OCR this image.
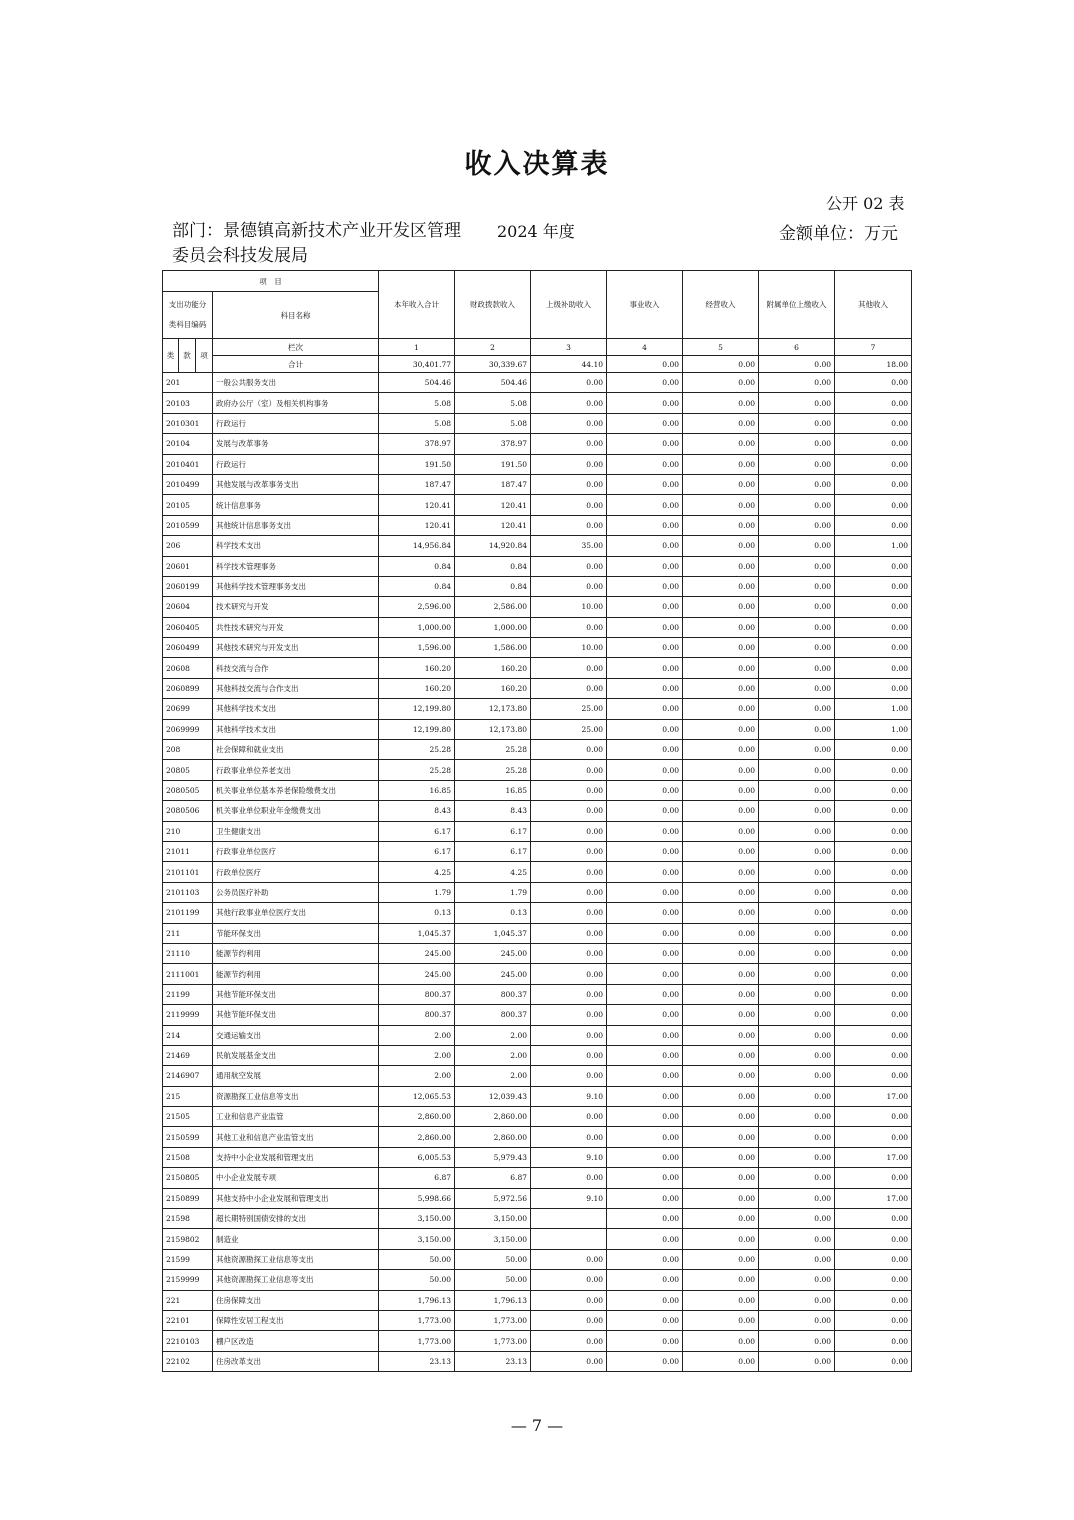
收入决算表
公开 02 表
部门：景德镇高新技术产业开发区管理委员会科技发展局
2024 年度	金额单位：万元
项　目				本年收入合计	财政拨款收入	上级补助收入	事业收入	经营收入	附属单位上缴收入	其他收入

支出功能分
类科目编码			科目名称							
类	款	项	栏次	1	2	3	4	5	6	7
			合计	30,401.77	30,339.67	44.10	0.00	0.00	0.00	18.00
201			一般公共服务支出	504.46	504.46	0.00	0.00	0.00	0.00	0.00
20103			政府办公厅（室）及相关机构事务	5.08	5.08	0.00	0.00	0.00	0.00	0.00
2010301			行政运行	5.08	5.08	0.00	0.00	0.00	0.00	0.00
20104			发展与改革事务	378.97	378.97	0.00	0.00	0.00	0.00	0.00
2010401			行政运行	191.50	191.50	0.00	0.00	0.00	0.00	0.00
2010499			其他发展与改革事务支出	187.47	187.47	0.00	0.00	0.00	0.00	0.00
20105			统计信息事务	120.41	120.41	0.00	0.00	0.00	0.00	0.00
2010599			其他统计信息事务支出	120.41	120.41	0.00	0.00	0.00	0.00	0.00
206			科学技术支出	14,956.84	14,920.84	35.00	0.00	0.00	0.00	1.00
20601			科学技术管理事务	0.84	0.84	0.00	0.00	0.00	0.00	0.00
2060199			其他科学技术管理事务支出	0.84	0.84	0.00	0.00	0.00	0.00	0.00
20604			技术研究与开发	2,596.00	2,586.00	10.00	0.00	0.00	0.00	0.00
2060405			共性技术研究与开发	1,000.00	1,000.00	0.00	0.00	0.00	0.00	0.00
2060499			其他技术研究与开发支出	1,596.00	1,586.00	10.00	0.00	0.00	0.00	0.00
20608			科技交流与合作	160.20	160.20	0.00	0.00	0.00	0.00	0.00
2060899			其他科技交流与合作支出	160.20	160.20	0.00	0.00	0.00	0.00	0.00
20699			其他科学技术支出	12,199.80	12,173.80	25.00	0.00	0.00	0.00	1.00
2069999			其他科学技术支出	12,199.80	12,173.80	25.00	0.00	0.00	0.00	1.00
208			社会保障和就业支出	25.28	25.28	0.00	0.00	0.00	0.00	0.00
20805			行政事业单位养老支出	25.28	25.28	0.00	0.00	0.00	0.00	0.00
2080505			机关事业单位基本养老保险缴费支出	16.85	16.85	0.00	0.00	0.00	0.00	0.00
2080506			机关事业单位职业年金缴费支出	8.43	8.43	0.00	0.00	0.00	0.00	0.00
210			卫生健康支出	6.17	6.17	0.00	0.00	0.00	0.00	0.00
21011			行政事业单位医疗	6.17	6.17	0.00	0.00	0.00	0.00	0.00
2101101			行政单位医疗	4.25	4.25	0.00	0.00	0.00	0.00	0.00
2101103			公务员医疗补助	1.79	1.79	0.00	0.00	0.00	0.00	0.00
2101199			其他行政事业单位医疗支出	0.13	0.13	0.00	0.00	0.00	0.00	0.00
211			节能环保支出	1,045.37	1,045.37	0.00	0.00	0.00	0.00	0.00
21110			能源节约利用	245.00	245.00	0.00	0.00	0.00	0.00	0.00
2111001			能源节约利用	245.00	245.00	0.00	0.00	0.00	0.00	0.00
21199			其他节能环保支出	800.37	800.37	0.00	0.00	0.00	0.00	0.00
2119999			其他节能环保支出	800.37	800.37	0.00	0.00	0.00	0.00	0.00
214			交通运输支出	2.00	2.00	0.00	0.00	0.00	0.00	0.00
21469			民航发展基金支出	2.00	2.00	0.00	0.00	0.00	0.00	0.00
2146907			通用航空发展	2.00	2.00	0.00	0.00	0.00	0.00	0.00
215			资源勘探工业信息等支出	12,065.53	12,039.43	9.10	0.00	0.00	0.00	17.00
21505			工业和信息产业监管	2,860.00	2,860.00	0.00	0.00	0.00	0.00	0.00
2150599			其他工业和信息产业监管支出	2,860.00	2,860.00	0.00	0.00	0.00	0.00	0.00
21508			支持中小企业发展和管理支出	6,005.53	5,979.43	9.10	0.00	0.00	0.00	17.00
2150805			中小企业发展专项	6.87	6.87	0.00	0.00	0.00	0.00	0.00
2150899			其他支持中小企业发展和管理支出	5,998.66	5,972.56	9.10	0.00	0.00	0.00	17.00
21598			超长期特别国债安排的支出	3,150.00	3,150.00		0.00	0.00	0.00	0.00
2159802			制造业	3,150.00	3,150.00		0.00	0.00	0.00	0.00
21599			其他资源勘探工业信息等支出	50.00	50.00	0.00	0.00	0.00	0.00	0.00
2159999			其他资源勘探工业信息等支出	50.00	50.00	0.00	0.00	0.00	0.00	0.00
221			住房保障支出	1,796.13	1,796.13	0.00	0.00	0.00	0.00	0.00
22101			保障性安居工程支出	1,773.00	1,773.00	0.00	0.00	0.00	0.00	0.00
2210103			棚户区改造	1,773.00	1,773.00	0.00	0.00	0.00	0.00	0.00
22102			住房改革支出	23.13	23.13	0.00	0.00	0.00	0.00	0.00
— 7 —
